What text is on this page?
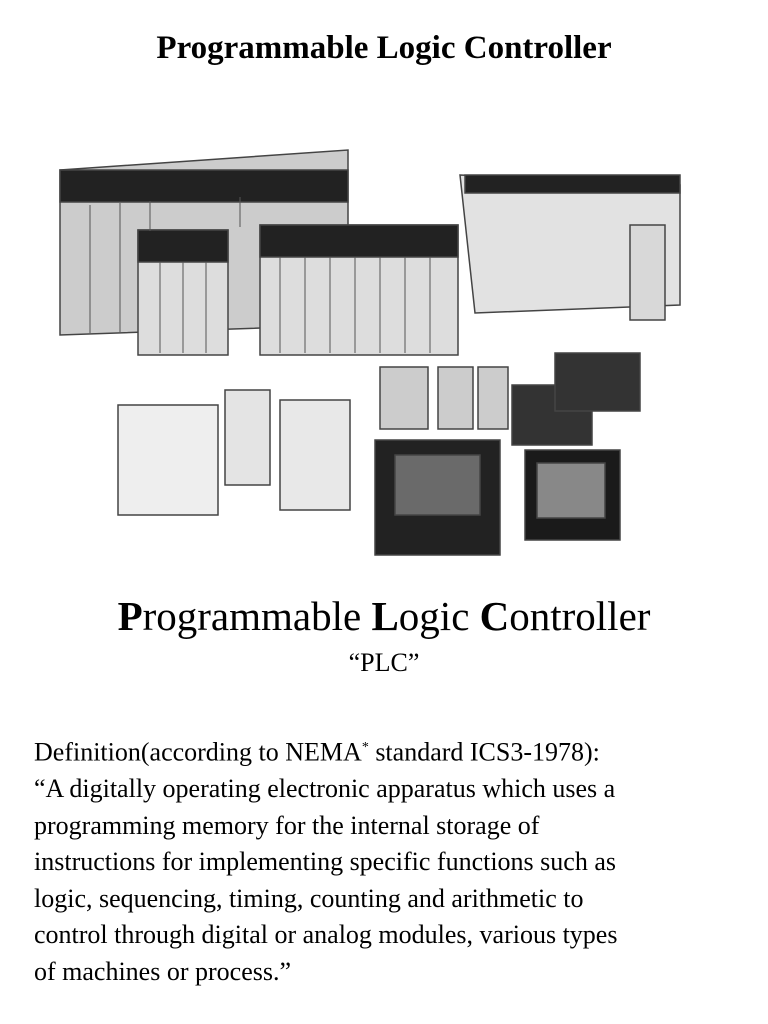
Programmable Logic Controller
Programmable Logic Controller
“PLC”
Definition(according to NEMA* standard ICS3-1978):
“A digitally operating electronic apparatus which uses a
programming memory for the internal storage of
instructions for implementing specific functions such as
logic, sequencing, timing, counting and arithmetic to
control through digital or analog modules, various types
of machines or process.”
